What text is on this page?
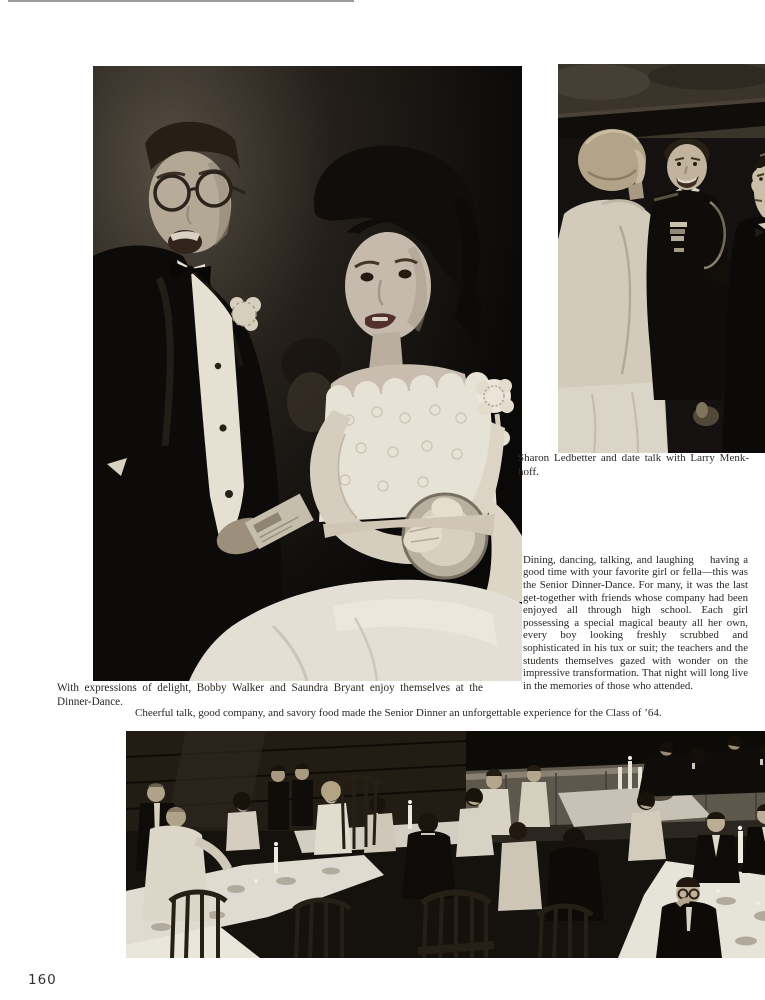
Sharon Ledbetter and date talk with Larry Menkhoff.

Dining, dancing, talking, and laughing  having a good time with your favorite girl or fella—this was the Senior Dinner-Dance. For many, it was the last get-together with friends whose company had been enjoyed all through high school. Each girl possessing a special magical beauty all her own, every boy looking freshly scrubbed and sophisticated in his tux or suit; the teachers and the students themselves gazed with wonder on the impressive transformation. That night will long live in the memories of those who attended.

With expressions of delight, Bobby Walker and Saundra Bryant enjoy themselves at the Dinner-Dance.

Cheerful talk, good company, and savory food made the Senior Dinner an unforgettable experience for the Class of ’64.

160
